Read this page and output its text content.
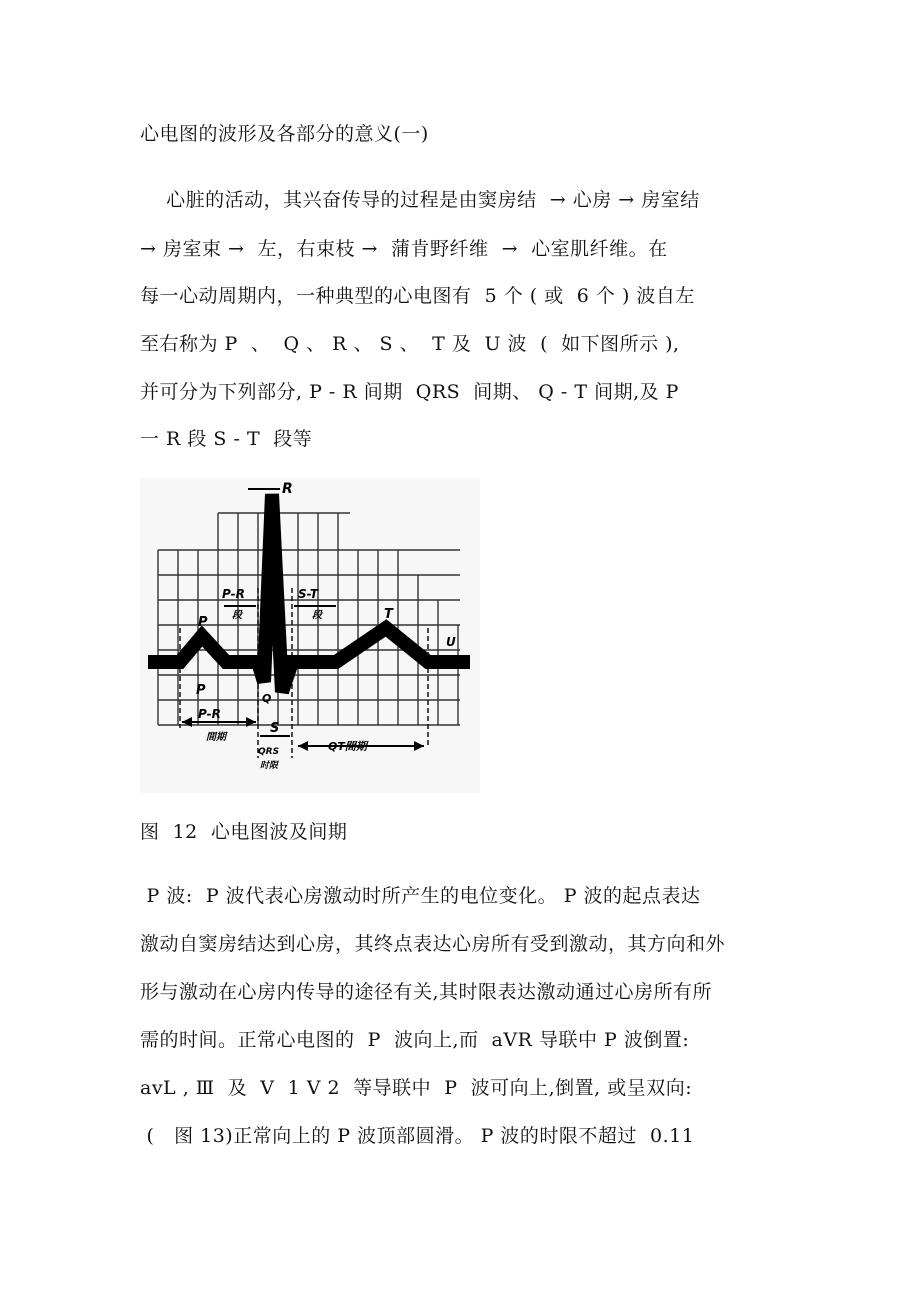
心电图的波形及各部分的意义(一)
心脏的活动，其兴奋传导的过程是由窦房结  → 心房 → 房室结
→ 房室束 →  左，右束枝 →  蒲肯野纤维  →  心室肌纤维。在
每一心动周期内，一种典型的心电图有  5 个 ( 或  6 个 ) 波自左
至右称为 P  、  Q 、 R 、 S 、  T 及  U 波  (  如下图所示 ),
并可分为下列部分, P - R 间期  QRS  间期、 Q - T 间期,及 P
一 R 段 S - T  段等
R
P
P
T
U
Q
S
P-R
段
S-T
段
P-R
間期
QRS
时限
QT間期
图  12  心电图波及间期
P 波:  P 波代表心房激动时所产生的电位变化。 P 波的起点表达
激动自窦房结达到心房，其终点表达心房所有受到激动，其方向和外
形与激动在心房内传导的途径有关,其时限表达激动通过心房所有所
需的时间。正常心电图的  P  波向上,而  aVR 导联中 P 波倒置:
avL , Ⅲ  及  V  1 V 2  等导联中  P  波可向上,倒置, 或呈双向:
(   图 13)正常向上的 P 波顶部圆滑。 P 波的时限不超过  0.11
